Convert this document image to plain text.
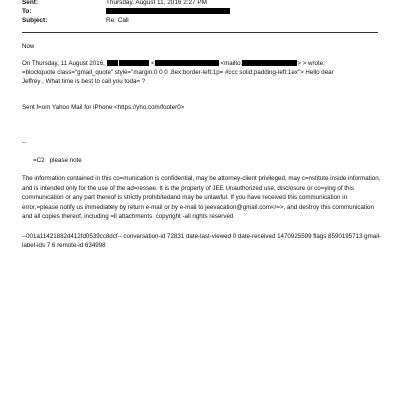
Sent:	Thursday, August 11, 2016 2:27 PM
To:
Subject:	Re: Call
Now
On Thursday, 11 August 2016,	<	<mailto:	> > wrote:
=blockquote class="gmail_quote" style="margin:0 0 0 .8ex;border-left:1p= #ccc solid;padding-left:1ex"> Hello dear
Jeffrey , What time is best to call you toda= ?
Sent f=om Yahoo Mail for iPhone <https://yho.com/footer0>
--
=C2   please note
The information contained in this co=munication is confidential, may be attorney-client privileged, may c=nstitute inside information, and is intended only for the use of the ad=ressee. It is the property of JEE Unauthorized use, disclosure or co=ying of this communication or any part thereof is strictly prohibitedand may be unlawful. If you have received this communication in error,=please notify us immediately by return e-mail or by e-mail to jeevacation@gmail.com</=>, and destroy this communication and all copies thereof, including =ll attachments. copyright -all rights reserved
--001a11421882d412fd0539cc8dcf-- conversation-id 72831 date-last-viewed 0 date-received 1470925599 flags 8590195713 gmail-label-ids 7 6 remote-id 634998
